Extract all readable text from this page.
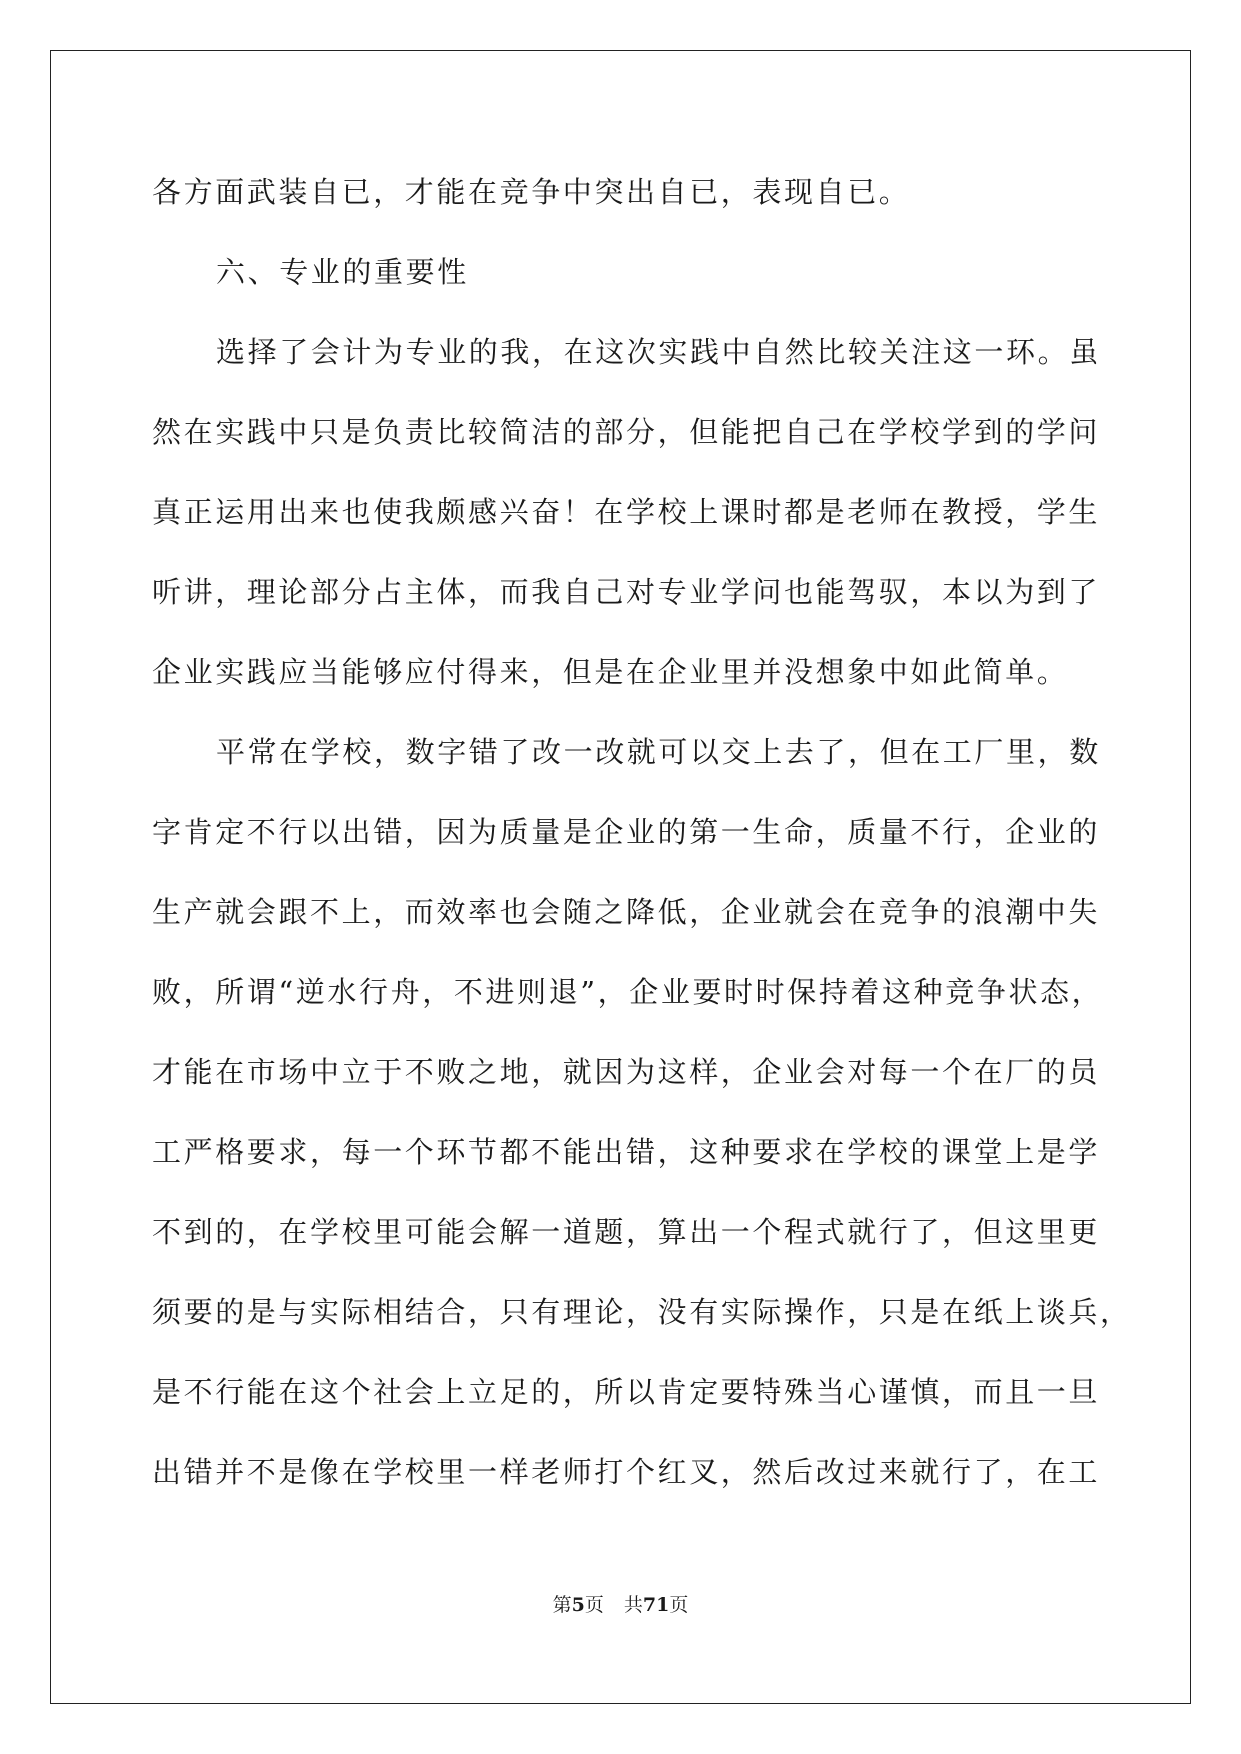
各方面武装自已，才能在竞争中突出自已，表现自已。
六、专业的重要性
选择了会计为专业的我，在这次实践中自然比较关注这一环。虽
然在实践中只是负责比较简洁的部分，但能把自己在学校学到的学问
真正运用出来也使我颇感兴奋！在学校上课时都是老师在教授，学生
听讲，理论部分占主体，而我自己对专业学问也能驾驭，本以为到了
企业实践应当能够应付得来，但是在企业里并没想象中如此简单。
平常在学校，数字错了改一改就可以交上去了，但在工厂里，数
字肯定不行以出错，因为质量是企业的第一生命，质量不行，企业的
生产就会跟不上，而效率也会随之降低，企业就会在竞争的浪潮中失
败，所谓“逆水行舟，不进则退”，企业要时时保持着这种竞争状态，
才能在市场中立于不败之地，就因为这样，企业会对每一个在厂的员
工严格要求，每一个环节都不能出错，这种要求在学校的课堂上是学
不到的，在学校里可能会解一道题，算出一个程式就行了，但这里更
须要的是与实际相结合，只有理论，没有实际操作，只是在纸上谈兵，
是不行能在这个社会上立足的，所以肯定要特殊当心谨慎，而且一旦
出错并不是像在学校里一样老师打个红叉，然后改过来就行了，在工
第5页 共71页
